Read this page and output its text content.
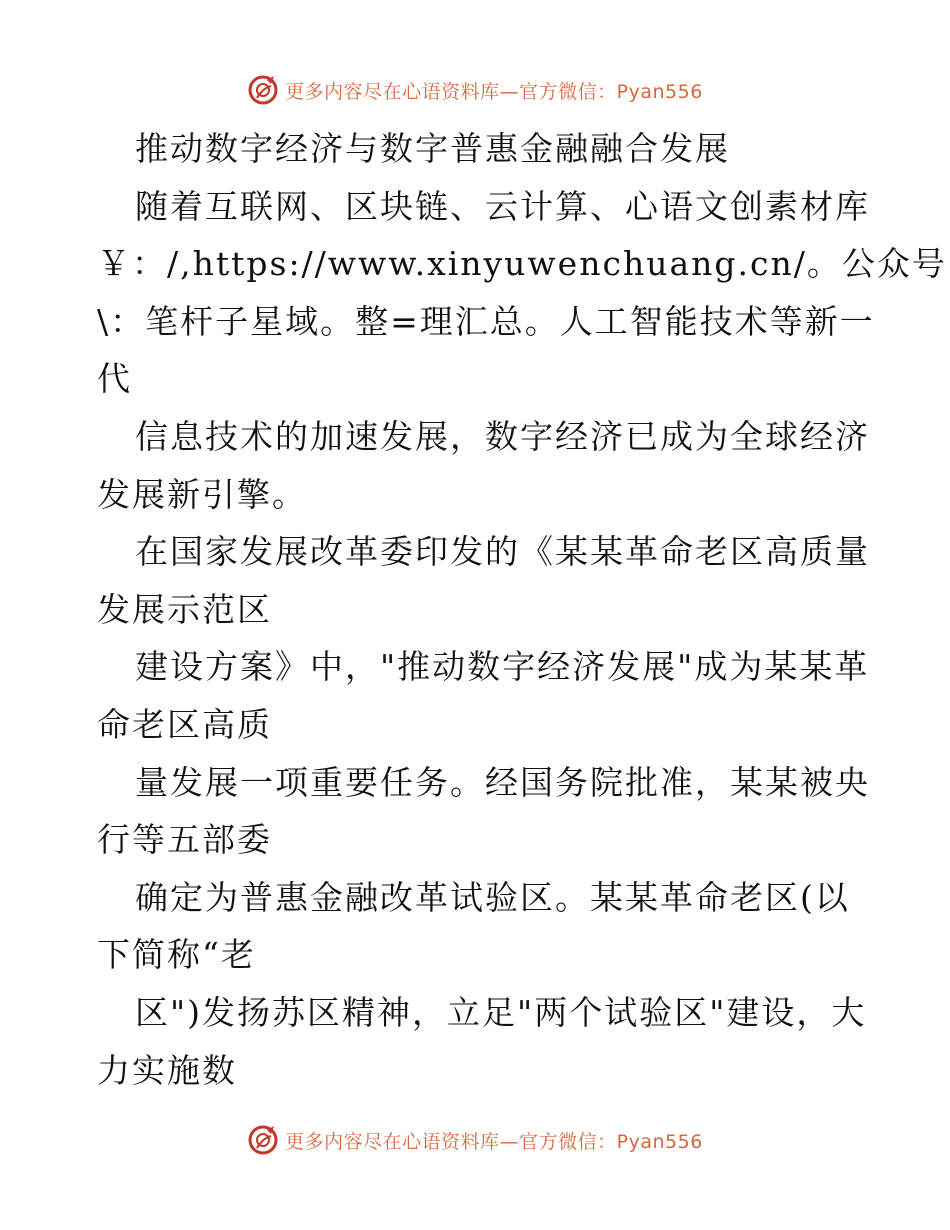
更多内容尽在心语资料库—官方微信：Pyan556
推动数字经济与数字普惠金融融合发展
随着互联网、区块链、云计算、心语文创素材库
￥：/,https://www.xinyuwenchuang.cn/。公众号
\：笔杆子星域。整=理汇总。人工智能技术等新一
代
信息技术的加速发展，数字经济已成为全球经济
发展新引擎。
在国家发展改革委印发的《某某革命老区高质量
发展示范区
建设方案》中，"推动数字经济发展"成为某某革
命老区高质
量发展一项重要任务。经国务院批准，某某被央
行等五部委
确定为普惠金融改革试验区。某某革命老区(以
下简称“老
区")发扬苏区精神，立足"两个试验区"建设，大
力实施数
更多内容尽在心语资料库—官方微信：Pyan556
